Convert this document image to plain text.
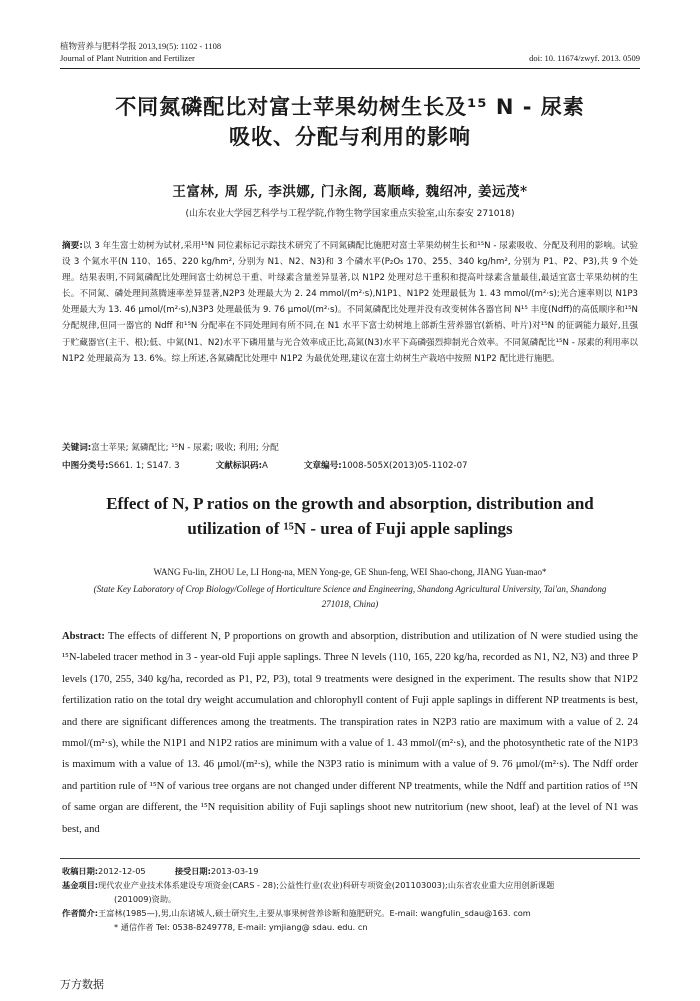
植物营养与肥料学报 2013,19(5): 1102 - 1108
Journal of Plant Nutrition and Fertilizer	doi: 10. 11674/zwyf. 2013. 0509
不同氮磷配比对富士苹果幼树生长及¹⁵ N - 尿素
吸收、分配与利用的影响
王富林, 周 乐, 李洪娜, 门永阁, 葛顺峰, 魏绍冲, 姜远茂*
(山东农业大学园艺科学与工程学院,作物生物学国家重点实验室,山东泰安 271018)
摘要:以 3 年生富士幼树为试材,采用¹⁵N 同位素标记示踪技术研究了不同氮磷配比施肥对富士苹果幼树生长和¹⁵N - 尿素吸收、分配及利用的影响。试验设 3 个氮水平(N 110、165、220 kg/hm², 分别为 N1、N2、N3)和 3 个磷水平(P₂O₅ 170、255、340 kg/hm², 分别为 P1、P2、P3),共 9 个处理。结果表明,不同氮磷配比处理间富士幼树总干重、叶绿素含量差异显著,以 N1P2 处理对总干重积和提高叶绿素含量最佳,最适宜富士苹果幼树的生长。不同氮、磷处理间蒸腾速率差异显著,N2P3 处理最大为 2. 24 mmol/(m²·s),N1P1、N1P2 处理最低为 1. 43 mmol/(m²·s);光合速率则以 N1P3 处理最大为 13. 46 μmol/(m²·s),N3P3 处理最低为 9. 76 μmol/(m²·s)。不同氮磷配比处理并没有改变树体各器官间 N¹⁵ 丰度(Ndff)的高低顺序和¹⁵N 分配规律,但同一器官的 Ndff 和¹⁵N 分配率在不同处理间有所不同,在 N1 水平下富士幼树地上部新生营养器官(新梢、叶片)对¹⁵N 的征调能力最好,且强于贮藏器官(主干、根);低、中氮(N1、N2)水平下磷用量与光合效率成正比,高氮(N3)水平下高磷强烈抑制光合效率。不同氮磷配比¹⁵N - 尿素的利用率以 N1P2 处理最高为 13. 6%。综上所述,各氮磷配比处理中 N1P2 为最优处理,建议在富士幼树生产栽培中按照 N1P2 配比进行施肥。
关键词:富士苹果; 氮磷配比; ¹⁵N - 尿素; 吸收; 利用; 分配
中图分类号:S661. 1; S147. 3	文献标识码:A	文章编号:1008-505X(2013)05-1102-07
Effect of N, P ratios on the growth and absorption, distribution and
utilization of ¹⁵N - urea of Fuji apple saplings
WANG Fu-lin, ZHOU Le, LI Hong-na, MEN Yong-ge, GE Shun-feng, WEI Shao-chong, JIANG Yuan-mao*
(State Key Laboratory of Crop Biology/College of Horticulture Science and Engineering, Shandong Agricultural University, Tai'an, Shandong 271018, China)
Abstract: The effects of different N, P proportions on growth and absorption, distribution and utilization of N were studied using the ¹⁵N-labeled tracer method in 3 - year-old Fuji apple saplings. Three N levels (110, 165, 220 kg/ha, recorded as N1, N2, N3) and three P levels (170, 255, 340 kg/ha, recorded as P1, P2, P3), total 9 treatments were designed in the experiment. The results show that N1P2 fertilization ratio on the total dry weight accumulation and chlorophyll content of Fuji apple saplings in different NP treatments is best, and there are significant differences among the treatments. The transpiration rates in N2P3 ratio are maximum with a value of 2. 24 mmol/(m²·s), while the N1P1 and N1P2 ratios are minimum with a value of 1. 43 mmol/(m²·s), and the photosynthetic rate of the N1P3 is maximum with a value of 13. 46 μmol/(m²·s), while the N3P3 ratio is minimum with a value of 9. 76 μmol/(m²·s). The Ndff order and partition rule of ¹⁵N of various tree organs are not changed under different NP treatments, while the Ndff and partition ratios of ¹⁵N of same organ are different, the ¹⁵N requisition ability of Fuji saplings shoot new nutritorium (new shoot, leaf) at the level of N1 was best, and
收稿日期:2012-12-05	接受日期:2013-03-19
基金项目:现代农业产业技术体系建设专项资金(CARS - 28);公益性行业(农业)科研专项资金(201103003);山东省农业重大应用创新课题
(201009)资助。
作者简介:王富林(1985—),男,山东诸城人,硕士研究生,主要从事果树营养诊断和施肥研究。E-mail: wangfulin_sdau@163. com
* 通信作者 Tel: 0538-8249778, E-mail: ymjiang@ sdau. edu. cn
万方数据
